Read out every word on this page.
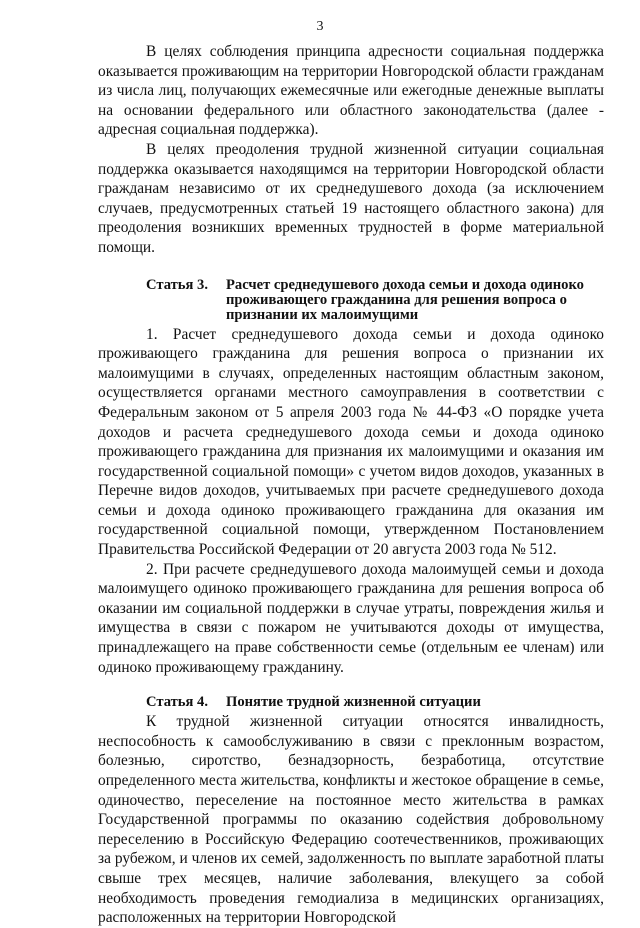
3

В целях соблюдения принципа адресности социальная поддержка оказывается проживающим на территории Новгородской области гражданам из числа лиц, получающих ежемесячные или ежегодные денежные выплаты на основании федерального или областного законодательства (далее - адресная социальная поддержка).

В целях преодоления трудной жизненной ситуации социальная поддержка оказывается находящимся на территории Новгородской области гражданам независимо от их среднедушевого дохода (за исключением случаев, предусмотренных статьей 19 настоящего областного закона) для преодоления возникших временных трудностей в форме материальной помощи.

Статья 3.	Расчет среднедушевого дохода семьи и дохода одиноко проживающего гражданина для решения вопроса о признании их малоимущими

1. Расчет среднедушевого дохода семьи и дохода одиноко проживающего гражданина для решения вопроса о признании их малоимущими в случаях, определенных настоящим областным законом, осуществляется органами местного самоуправления в соответствии с Федеральным законом от 5 апреля 2003 года № 44-ФЗ «О порядке учета доходов и расчета среднедушевого дохода семьи и дохода одиноко проживающего гражданина для признания их малоимущими и оказания им государственной социальной помощи» с учетом видов доходов, указанных в Перечне видов доходов, учитываемых при расчете среднедушевого дохода семьи и дохода одиноко проживающего гражданина для оказания им государственной социальной помощи, утвержденном Постановлением Правительства Российской Федерации от 20 августа 2003 года № 512.

2. При расчете среднедушевого дохода малоимущей семьи и дохода малоимущего одиноко проживающего гражданина для решения вопроса об оказании им социальной поддержки в случае утраты, повреждения жилья и имущества в связи с пожаром не учитываются доходы от имущества, принадлежащего на праве собственности семье (отдельным ее членам) или одиноко проживающему гражданину.

Статья 4.	Понятие трудной жизненной ситуации

К трудной жизненной ситуации относятся инвалидность, неспособность к самообслуживанию в связи с преклонным возрастом, болезнью, сиротство, безнадзорность, безработица, отсутствие определенного места жительства, конфликты и жестокое обращение в семье, одиночество, переселение на постоянное место жительства в рамках Государственной программы по оказанию содействия добровольному переселению в Российскую Федерацию соотечественников, проживающих за рубежом, и членов их семей, задолженность по выплате заработной платы свыше трех месяцев, наличие заболевания, влекущего за собой необходимость проведения гемодиализа в медицинских организациях, расположенных на территории Новгородской
